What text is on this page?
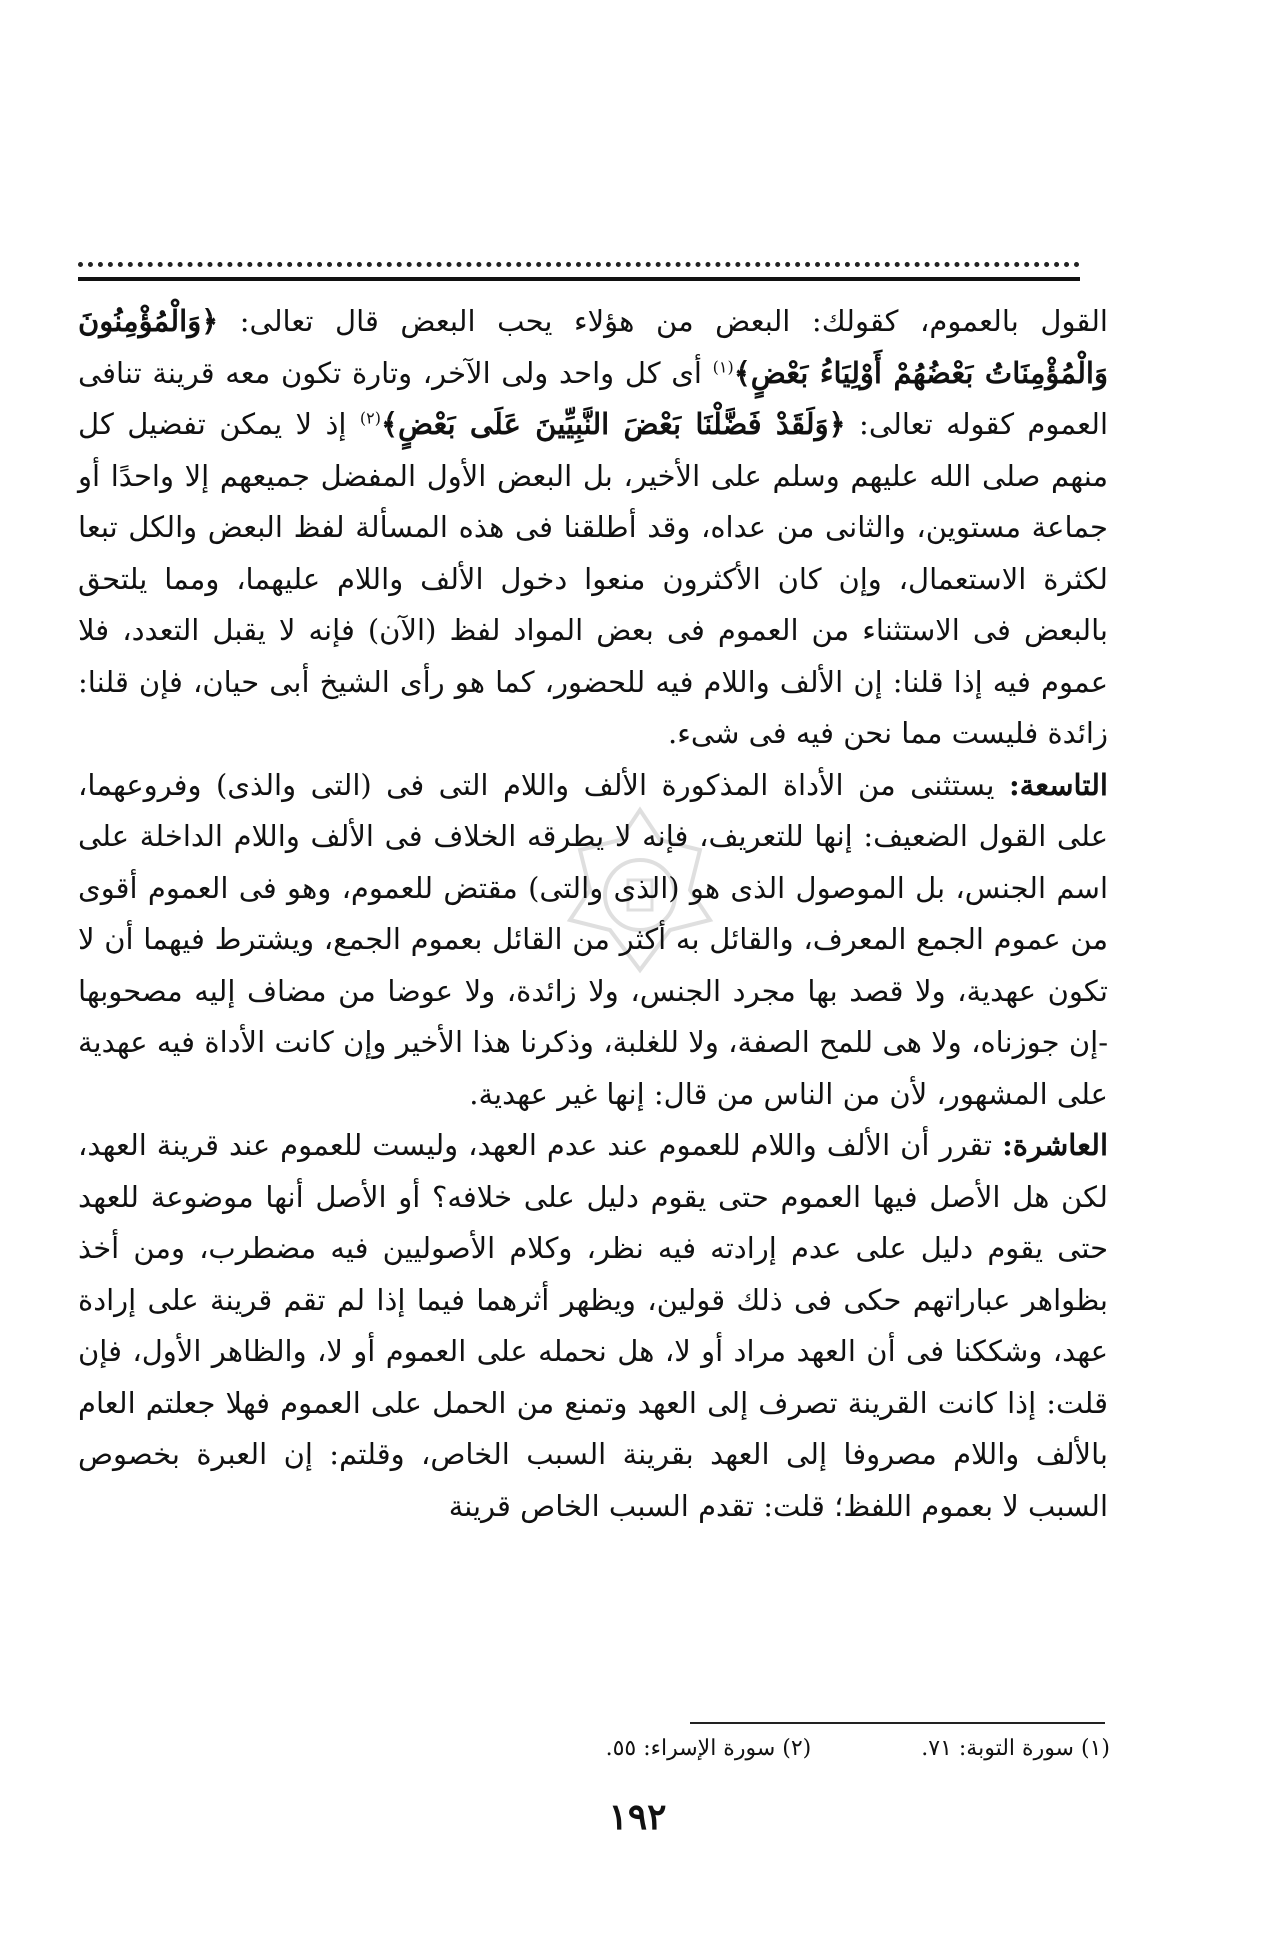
القول بالعموم، كقولك: البعض من هؤلاء يحب البعض قال تعالى: ﴿وَالْمُؤْمِنُونَ وَالْمُؤْمِنَاتُ بَعْضُهُمْ أَوْلِيَاءُ بَعْضٍ﴾$^{(١)}$ أى كل واحد ولى الآخر، وتارة تكون معه قرينة تنافى العموم كقوله تعالى: ﴿وَلَقَدْ فَضَّلْنَا بَعْضَ النَّبِيِّينَ عَلَى بَعْضٍ﴾$^{(٢)}$ إذ لا يمكن تفضيل كل منهم صلى الله عليهم وسلم على الأخير، بل البعض الأول المفضل جميعهم إلا واحدًا أو جماعة مستوين، والثانى من عداه، وقد أطلقنا فى هذه المسألة لفظ البعض والكل تبعا لكثرة الاستعمال، وإن كان الأكثرون منعوا دخول الألف واللام عليهما، ومما يلتحق بالبعض فى الاستثناء من العموم فى بعض المواد لفظ (الآن) فإنه لا يقبل التعدد، فلا عموم فيه إذا قلنا: إن الألف واللام فيه للحضور، كما هو رأى الشيخ أبى حيان، فإن قلنا: زائدة فليست مما نحن فيه فى شىء.

التاسعة: يستثنى من الأداة المذكورة الألف واللام التى فى (التى والذى) وفروعهما، على القول الضعيف: إنها للتعريف، فإنه لا يطرقه الخلاف فى الألف واللام الداخلة على اسم الجنس، بل الموصول الذى هو (الذى والتى) مقتض للعموم، وهو فى العموم أقوى من عموم الجمع المعرف، والقائل به أكثر من القائل بعموم الجمع، ويشترط فيهما أن لا تكون عهدية، ولا قصد بها مجرد الجنس، ولا زائدة، ولا عوضا من مضاف إليه مصحوبها -إن جوزناه، ولا هى للمح الصفة، ولا للغلبة، وذكرنا هذا الأخير وإن كانت الأداة فيه عهدية على المشهور، لأن من الناس من قال: إنها غير عهدية.

العاشرة: تقرر أن الألف واللام للعموم عند عدم العهد، وليست للعموم عند قرينة العهد، لكن هل الأصل فيها العموم حتى يقوم دليل على خلافه؟ أو الأصل أنها موضوعة للعهد حتى يقوم دليل على عدم إرادته فيه نظر، وكلام الأصوليين فيه مضطرب، ومن أخذ بظواهر عباراتهم حكى فى ذلك قولين، ويظهر أثرهما فيما إذا لم تقم قرينة على إرادة عهد، وشككنا فى أن العهد مراد أو لا، هل نحمله على العموم أو لا، والظاهر الأول، فإن قلت: إذا كانت القرينة تصرف إلى العهد وتمنع من الحمل على العموم فهلا جعلتم العام بالألف واللام مصروفا إلى العهد بقرينة السبب الخاص، وقلتم: إن العبرة بخصوص السبب لا بعموم اللفظ؛ قلت: تقدم السبب الخاص قرينة

(١) سورة التوبة: ٧١.
(٢) سورة الإسراء: ٥٥.
١٩٢
